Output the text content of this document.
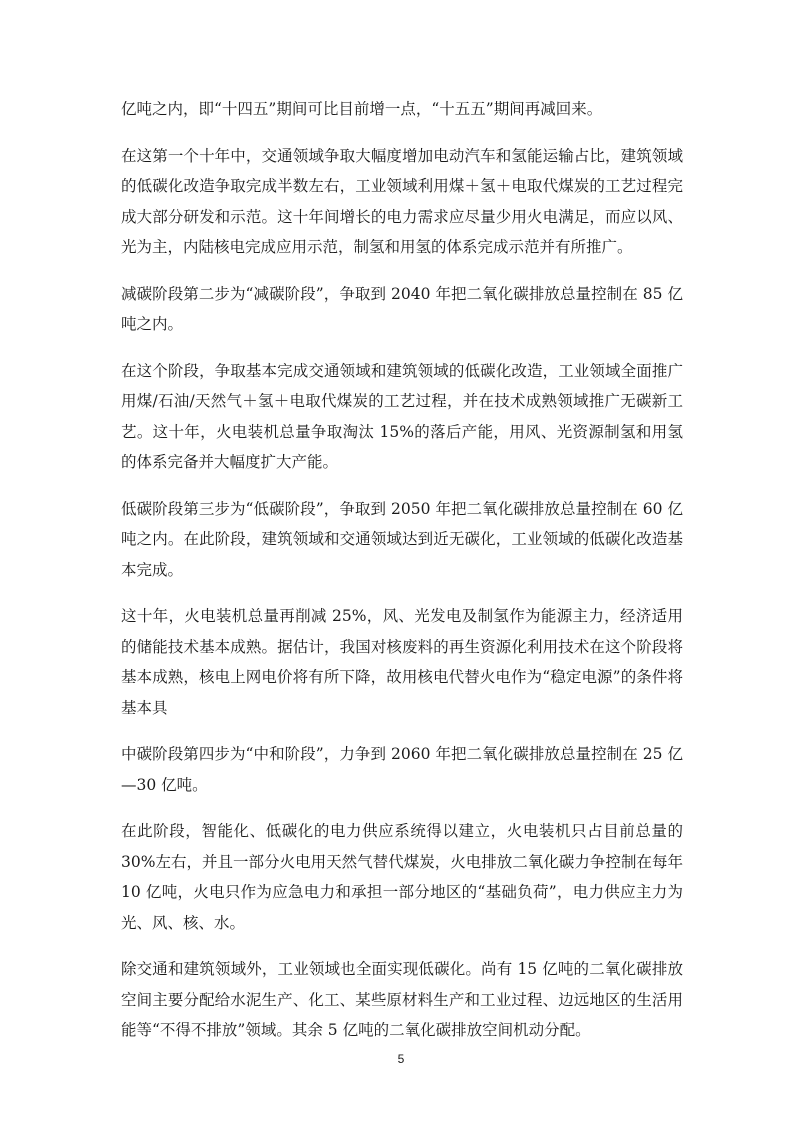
亿吨之内，即“十四五”期间可比目前增一点，“十五五”期间再减回来。

在这第一个十年中，交通领域争取大幅度增加电动汽车和氢能运输占比，建筑领域的低碳化改造争取完成半数左右，工业领域利用煤＋氢＋电取代煤炭的工艺过程完成大部分研发和示范。这十年间增长的电力需求应尽量少用火电满足，而应以风、光为主，内陆核电完成应用示范，制氢和用氢的体系完成示范并有所推广。

减碳阶段第二步为“减碳阶段”，争取到 2040 年把二氧化碳排放总量控制在 85 亿吨之内。

在这个阶段，争取基本完成交通领域和建筑领域的低碳化改造，工业领域全面推广用煤/石油/天然气＋氢＋电取代煤炭的工艺过程，并在技术成熟领域推广无碳新工艺。这十年，火电装机总量争取淘汰 15%的落后产能，用风、光资源制氢和用氢的体系完备并大幅度扩大产能。

低碳阶段第三步为“低碳阶段”，争取到 2050 年把二氧化碳排放总量控制在 60 亿吨之内。在此阶段，建筑领域和交通领域达到近无碳化，工业领域的低碳化改造基本完成。

这十年，火电装机总量再削减 25%，风、光发电及制氢作为能源主力，经济适用的储能技术基本成熟。据估计，我国对核废料的再生资源化利用技术在这个阶段将基本成熟，核电上网电价将有所下降，故用核电代替火电作为“稳定电源”的条件将基本具

中碳阶段第四步为“中和阶段”，力争到 2060 年把二氧化碳排放总量控制在 25 亿—30 亿吨。

在此阶段，智能化、低碳化的电力供应系统得以建立，火电装机只占目前总量的 30%左右，并且一部分火电用天然气替代煤炭，火电排放二氧化碳力争控制在每年 10 亿吨，火电只作为应急电力和承担一部分地区的“基础负荷”，电力供应主力为光、风、核、水。

除交通和建筑领域外，工业领域也全面实现低碳化。尚有 15 亿吨的二氧化碳排放空间主要分配给水泥生产、化工、某些原材料生产和工业过程、边远地区的生活用能等“不得不排放”领域。其余 5 亿吨的二氧化碳排放空间机动分配。

5
